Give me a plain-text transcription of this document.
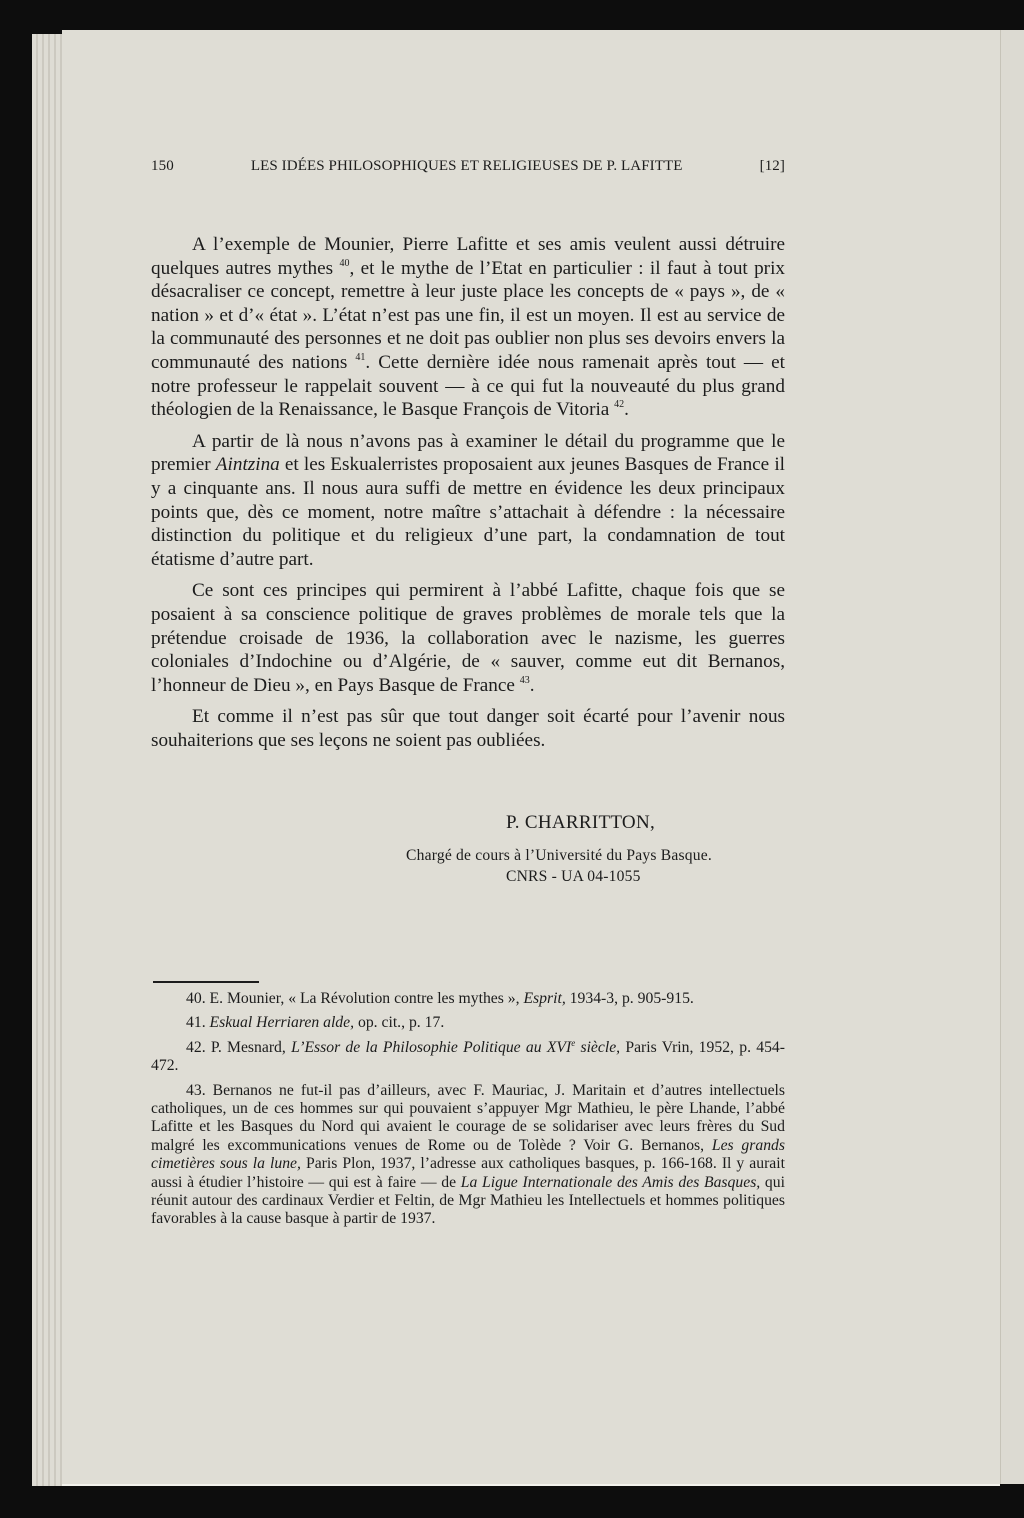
150	LES IDÉES PHILOSOPHIQUES ET RELIGIEUSES DE P. LAFITTE	[12]

A l’exemple de Mounier, Pierre Lafitte et ses amis veulent aussi détruire quelques autres mythes $^{40}$, et le mythe de l’Etat en particulier : il faut à tout prix désacraliser ce concept, remettre à leur juste place les concepts de « pays », de « nation » et d’« état ». L’état n’est pas une fin, il est un moyen. Il est au service de la communauté des personnes et ne doit pas oublier non plus ses devoirs envers la communauté des nations $^{41}$. Cette dernière idée nous ramenait après tout — et notre professeur le rappelait souvent — à ce qui fut la nouveauté du plus grand théologien de la Renaissance, le Basque François de Vitoria $^{42}$.

A partir de là nous n’avons pas à examiner le détail du programme que le premier Aintzina et les Eskualerristes proposaient aux jeunes Basques de France il y a cinquante ans. Il nous aura suffi de mettre en évidence les deux principaux points que, dès ce moment, notre maître s’attachait à défendre : la nécessaire distinction du politique et du religieux d’une part, la condamnation de tout étatisme d’autre part.

Ce sont ces principes qui permirent à l’abbé Lafitte, chaque fois que se posaient à sa conscience politique de graves problèmes de morale tels que la prétendue croisade de 1936, la collaboration avec le nazisme, les guerres coloniales d’Indochine ou d’Algérie, de « sauver, comme eut dit Bernanos, l’honneur de Dieu », en Pays Basque de France $^{43}$.

Et comme il n’est pas sûr que tout danger soit écarté pour l’avenir nous souhaiterions que ses leçons ne soient pas oubliées.

P. CHARRITTON,
Chargé de cours à l’Université du Pays Basque.
CNRS - UA 04-1055

40. E. Mounier, « La Révolution contre les mythes », Esprit, 1934-3, p. 905-915.

41. Eskual Herriaren alde, op. cit., p. 17.

42. P. Mesnard, L’Essor de la Philosophie Politique au XVIe siècle, Paris Vrin, 1952, p. 454-472.

43. Bernanos ne fut-il pas d’ailleurs, avec F. Mauriac, J. Maritain et d’autres intellectuels catholiques, un de ces hommes sur qui pouvaient s’appuyer Mgr Mathieu, le père Lhande, l’abbé Lafitte et les Basques du Nord qui avaient le courage de se solidariser avec leurs frères du Sud malgré les excommunications venues de Rome ou de Tolède ? Voir G. Bernanos, Les grands cimetières sous la lune, Paris Plon, 1937, l’adresse aux catholiques basques, p. 166-168. Il y aurait aussi à étudier l’histoire — qui est à faire — de La Ligue Internationale des Amis des Basques, qui réunit autour des cardinaux Verdier et Feltin, de Mgr Mathieu les Intellectuels et hommes politiques favorables à la cause basque à partir de 1937.
